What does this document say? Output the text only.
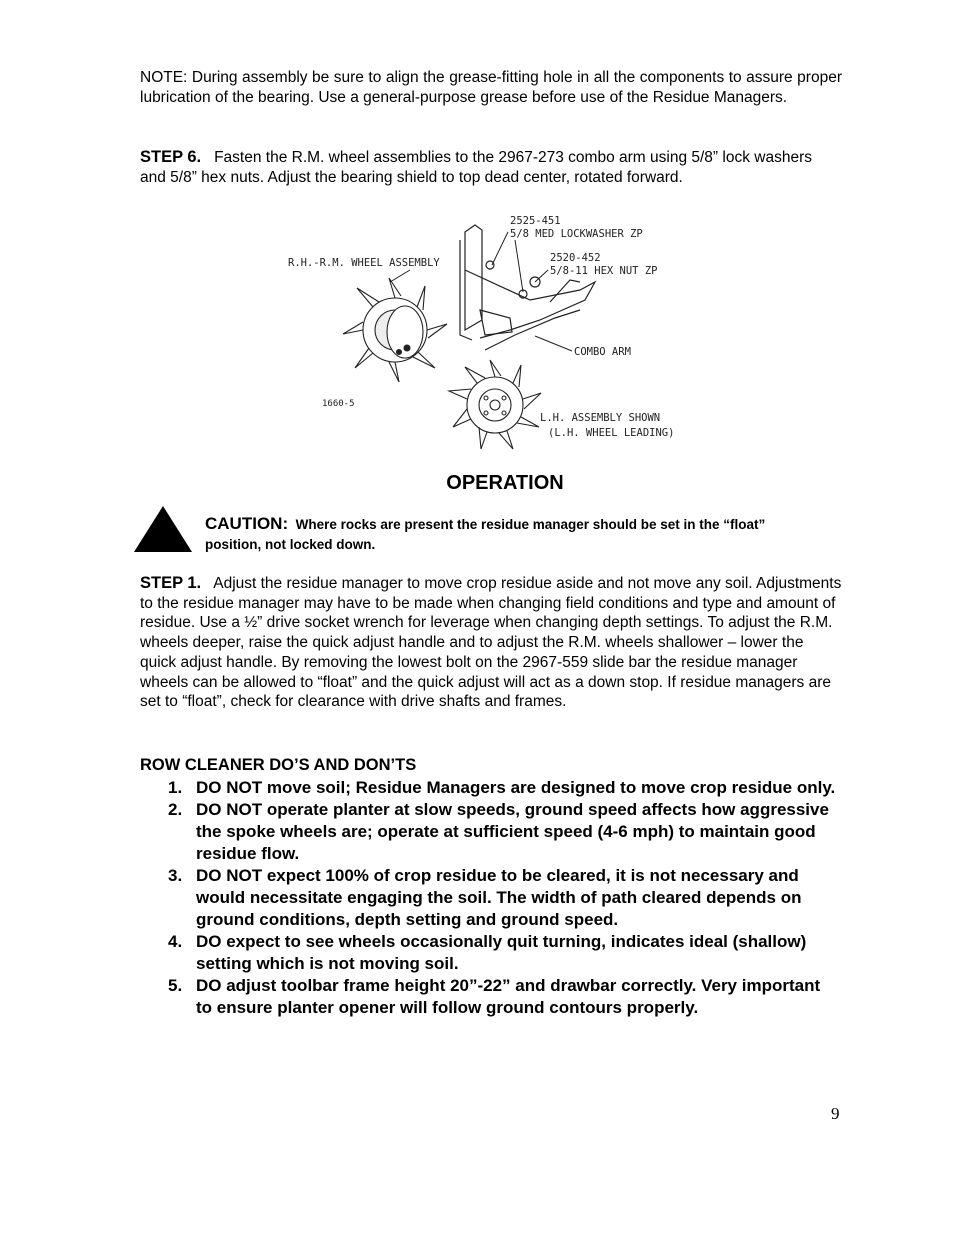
NOTE: During assembly be sure to align the grease-fitting hole in all the components to assure proper lubrication of the bearing. Use a general-purpose grease before use of the Residue Managers.
STEP 6. Fasten the R.M. wheel assemblies to the 2967-273 combo arm using 5/8” lock washers and 5/8” hex nuts. Adjust the bearing shield to top dead center, rotated forward.
2525-451
5/8 MED LOCKWASHER ZP
2520-452
5/8-11 HEX NUT ZP
R.H.-R.M. WHEEL ASSEMBLY
COMBO ARM
1660-5
L.H. ASSEMBLY SHOWN
(L.H. WHEEL LEADING)
OPERATION
CAUTION: Where rocks are present the residue manager should be set in the “float” position, not locked down.
STEP 1. Adjust the residue manager to move crop residue aside and not move any soil. Adjustments to the residue manager may have to be made when changing field conditions and type and amount of residue. Use a ½” drive socket wrench for leverage when changing depth settings. To adjust the R.M. wheels deeper, raise the quick adjust handle and to adjust the R.M. wheels shallower – lower the quick adjust handle. By removing the lowest bolt on the 2967-559 slide bar the residue manager wheels can be allowed to “float” and the quick adjust will act as a down stop. If residue managers are set to “float”, check for clearance with drive shafts and frames.
ROW CLEANER DO’S AND DON’TS
1. DO NOT move soil; Residue Managers are designed to move crop residue only.
2. DO NOT operate planter at slow speeds, ground speed affects how aggressive the spoke wheels are; operate at sufficient speed (4-6 mph) to maintain good residue flow.
3. DO NOT expect 100% of crop residue to be cleared, it is not necessary and would necessitate engaging the soil. The width of path cleared depends on ground conditions, depth setting and ground speed.
4. DO expect to see wheels occasionally quit turning, indicates ideal (shallow) setting which is not moving soil.
5. DO adjust toolbar frame height 20”-22” and drawbar correctly. Very important to ensure planter opener will follow ground contours properly.
9
